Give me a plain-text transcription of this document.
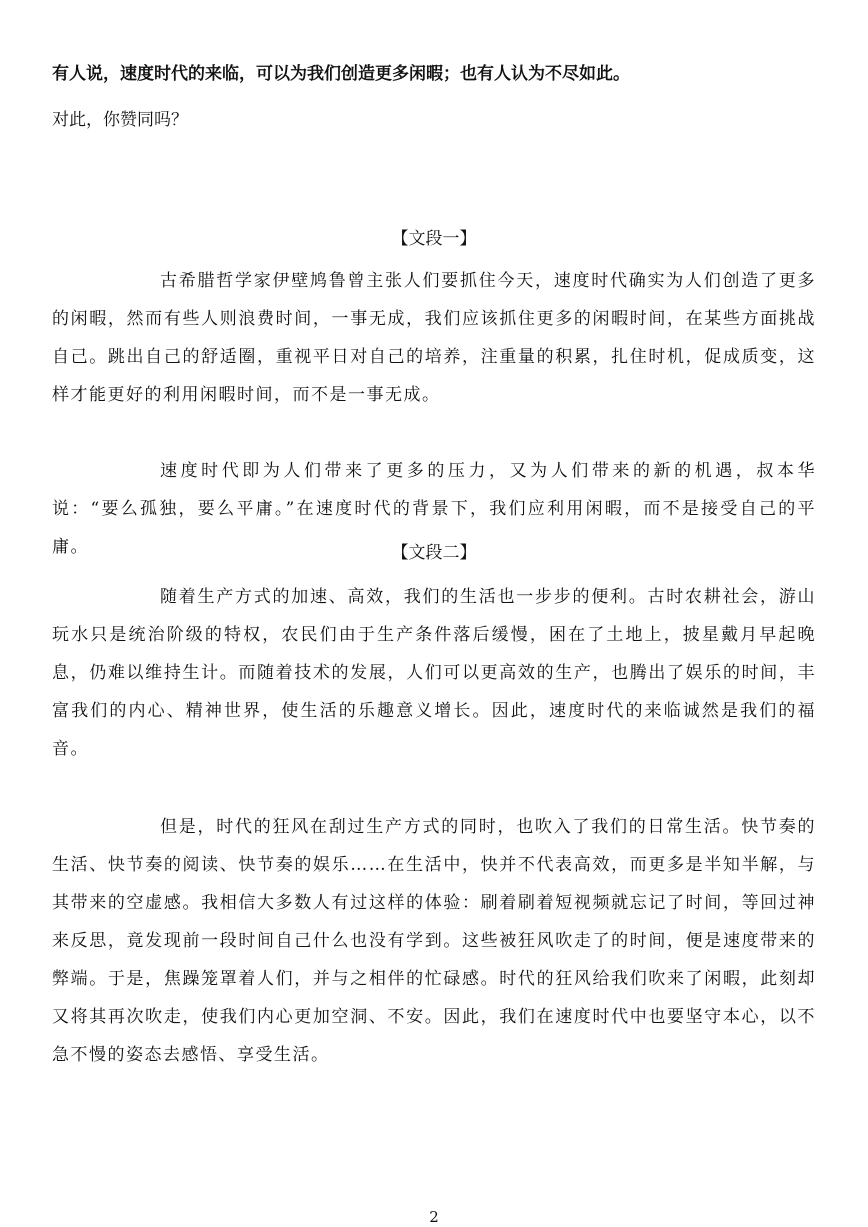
有人说，速度时代的来临，可以为我们创造更多闲暇；也有人认为不尽如此。
对此，你赞同吗？
【文段一】

古希腊哲学家伊壁鸠鲁曾主张人们要抓住今天，速度时代确实为人们创造了更多的闲暇，然而有些人则浪费时间，一事无成，我们应该抓住更多的闲暇时间，在某些方面挑战自己。跳出自己的舒适圈，重视平日对自己的培养，注重量的积累，扎住时机，促成质变，这样才能更好的利用闲暇时间，而不是一事无成。

速度时代即为人们带来了更多的压力，又为人们带来的新的机遇，叔本华说：“要么孤独，要么平庸。”在速度时代的背景下，我们应利用闲暇，而不是接受自己的平庸。	【文段二】

随着生产方式的加速、高效，我们的生活也一步步的便利。古时农耕社会，游山玩水只是统治阶级的特权，农民们由于生产条件落后缓慢，困在了土地上，披星戴月早起晚息，仍难以维持生计。而随着技术的发展，人们可以更高效的生产，也腾出了娱乐的时间，丰富我们的内心、精神世界，使生活的乐趣意义增长。因此，速度时代的来临诚然是我们的福音。

但是，时代的狂风在刮过生产方式的同时，也吹入了我们的日常生活。快节奏的生活、快节奏的阅读、快节奏的娱乐……在生活中，快并不代表高效，而更多是半知半解，与其带来的空虚感。我相信大多数人有过这样的体验：刷着刷着短视频就忘记了时间，等回过神来反思，竟发现前一段时间自己什么也没有学到。这些被狂风吹走了的时间，便是速度带来的弊端。于是，焦躁笼罩着人们，并与之相伴的忙碌感。时代的狂风给我们吹来了闲暇，此刻却又将其再次吹走，使我们内心更加空洞、不安。因此，我们在速度时代中也要坚守本心，以不急不慢的姿态去感悟、享受生活。

2
